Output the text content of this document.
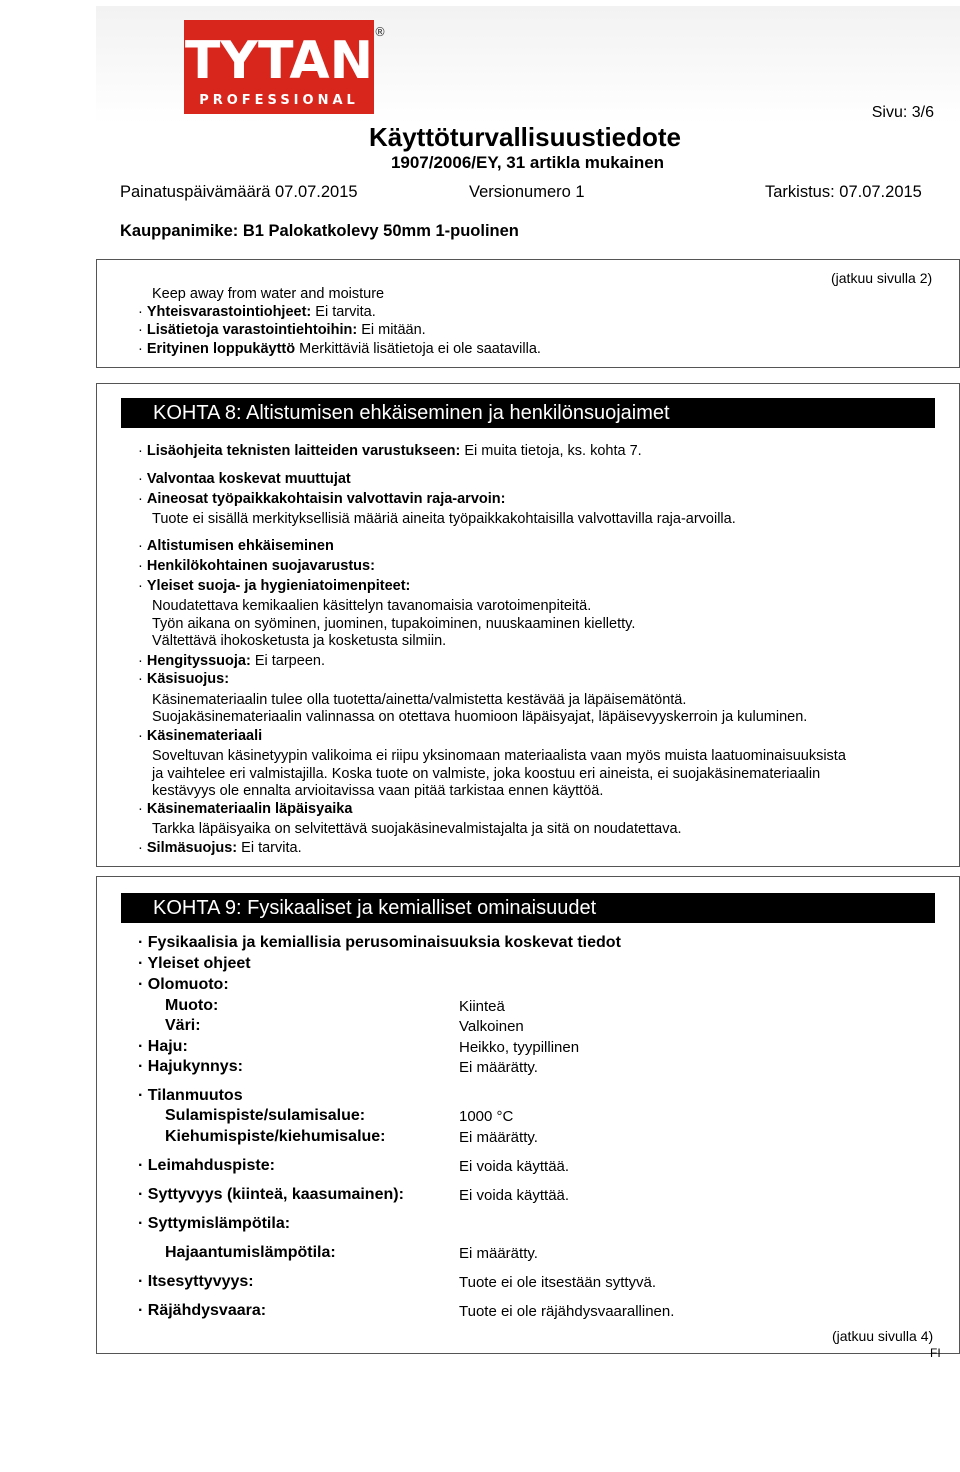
TYTAN
PROFESSIONAL
®
Sivu: 3/6
Käyttöturvallisuustiedote
1907/2006/EY, 31 artikla mukainen
Painatuspäivämäärä 07.07.2015	Versionumero 1	Tarkistus: 07.07.2015
Kauppanimike: B1 Palokatkolevy 50mm 1-puolinen
(jatkuu sivulla 2)
Keep away from water and moisture
· Yhteisvarastointiohjeet: Ei tarvita.
· Lisätietoja varastointiehtoihin: Ei mitään.
· Erityinen loppukäyttö Merkittäviä lisätietoja ei ole saatavilla.
KOHTA 8: Altistumisen ehkäiseminen ja henkilönsuojaimet
· Lisäohjeita teknisten laitteiden varustukseen: Ei muita tietoja, ks. kohta 7.
· Valvontaa koskevat muuttujat
· Aineosat työpaikkakohtaisin valvottavin raja-arvoin:
Tuote ei sisällä merkityksellisiä määriä aineita työpaikkakohtaisilla valvottavilla raja-arvoilla.
· Altistumisen ehkäiseminen
· Henkilökohtainen suojavarustus:
· Yleiset suoja- ja hygieniatoimenpiteet:
Noudatettava kemikaalien käsittelyn tavanomaisia varotoimenpiteitä.
Työn aikana on syöminen, juominen, tupakoiminen, nuuskaaminen kielletty.
Vältettävä ihokosketusta ja kosketusta silmiin.
· Hengityssuoja: Ei tarpeen.
· Käsisuojus:
Käsinemateriaalin tulee olla tuotetta/ainetta/valmistetta kestävää ja läpäisemätöntä.
Suojakäsinemateriaalin valinnassa on otettava huomioon läpäisyajat, läpäisevyyskerroin ja kuluminen.
· Käsinemateriaali
Soveltuvan käsinetyypin valikoima ei riipu yksinomaan materiaalista vaan myös muista laatuominaisuuksista
ja vaihtelee eri valmistajilla. Koska tuote on valmiste, joka koostuu eri aineista, ei suojakäsinemateriaalin
kestävyys ole ennalta arvioitavissa vaan pitää tarkistaa ennen käyttöä.
· Käsinemateriaalin läpäisyaika
Tarkka läpäisyaika on selvitettävä suojakäsinevalmistajalta ja sitä on noudatettava.
· Silmäsuojus: Ei tarvita.
KOHTA 9: Fysikaaliset ja kemialliset ominaisuudet
· Fysikaalisia ja kemiallisia perusominaisuuksia koskevat tiedot
· Yleiset ohjeet
· Olomuoto:
Muoto:	Kiinteä
Väri:	Valkoinen
· Haju:	Heikko, tyypillinen
· Hajukynnys:	Ei määrätty.
· Tilanmuutos
Sulamispiste/sulamisalue:	1000 °C
Kiehumispiste/kiehumisalue:	Ei määrätty.
· Leimahduspiste:	Ei voida käyttää.
· Syttyvyys (kiinteä, kaasumainen):	Ei voida käyttää.
· Syttymislämpötila:
Hajaantumislämpötila:	Ei määrätty.
· Itsesyttyvyys:	Tuote ei ole itsestään syttyvä.
· Räjähdysvaara:	Tuote ei ole räjähdysvaarallinen.
(jatkuu sivulla 4)
FI
